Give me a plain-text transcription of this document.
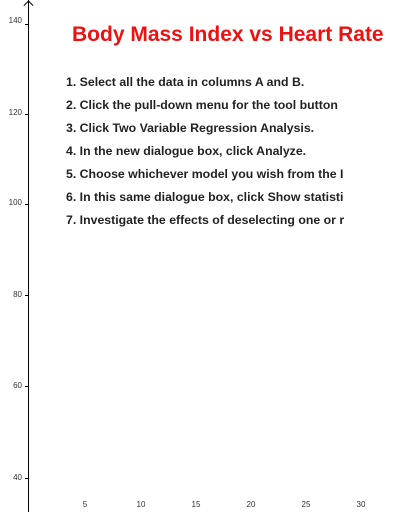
140
120
100
80
60
40
5	10	15	20	25	30
Body Mass Index vs Heart Rate
1. Select all the data in columns A and B.
2. Click the pull-down menu for the tool button
3. Click Two Variable Regression Analysis.
4. In the new dialogue box, click Analyze.
5. Choose whichever model you wish from the I
6. In this same dialogue box, click Show statisti
7. Investigate the effects of deselecting one or r
